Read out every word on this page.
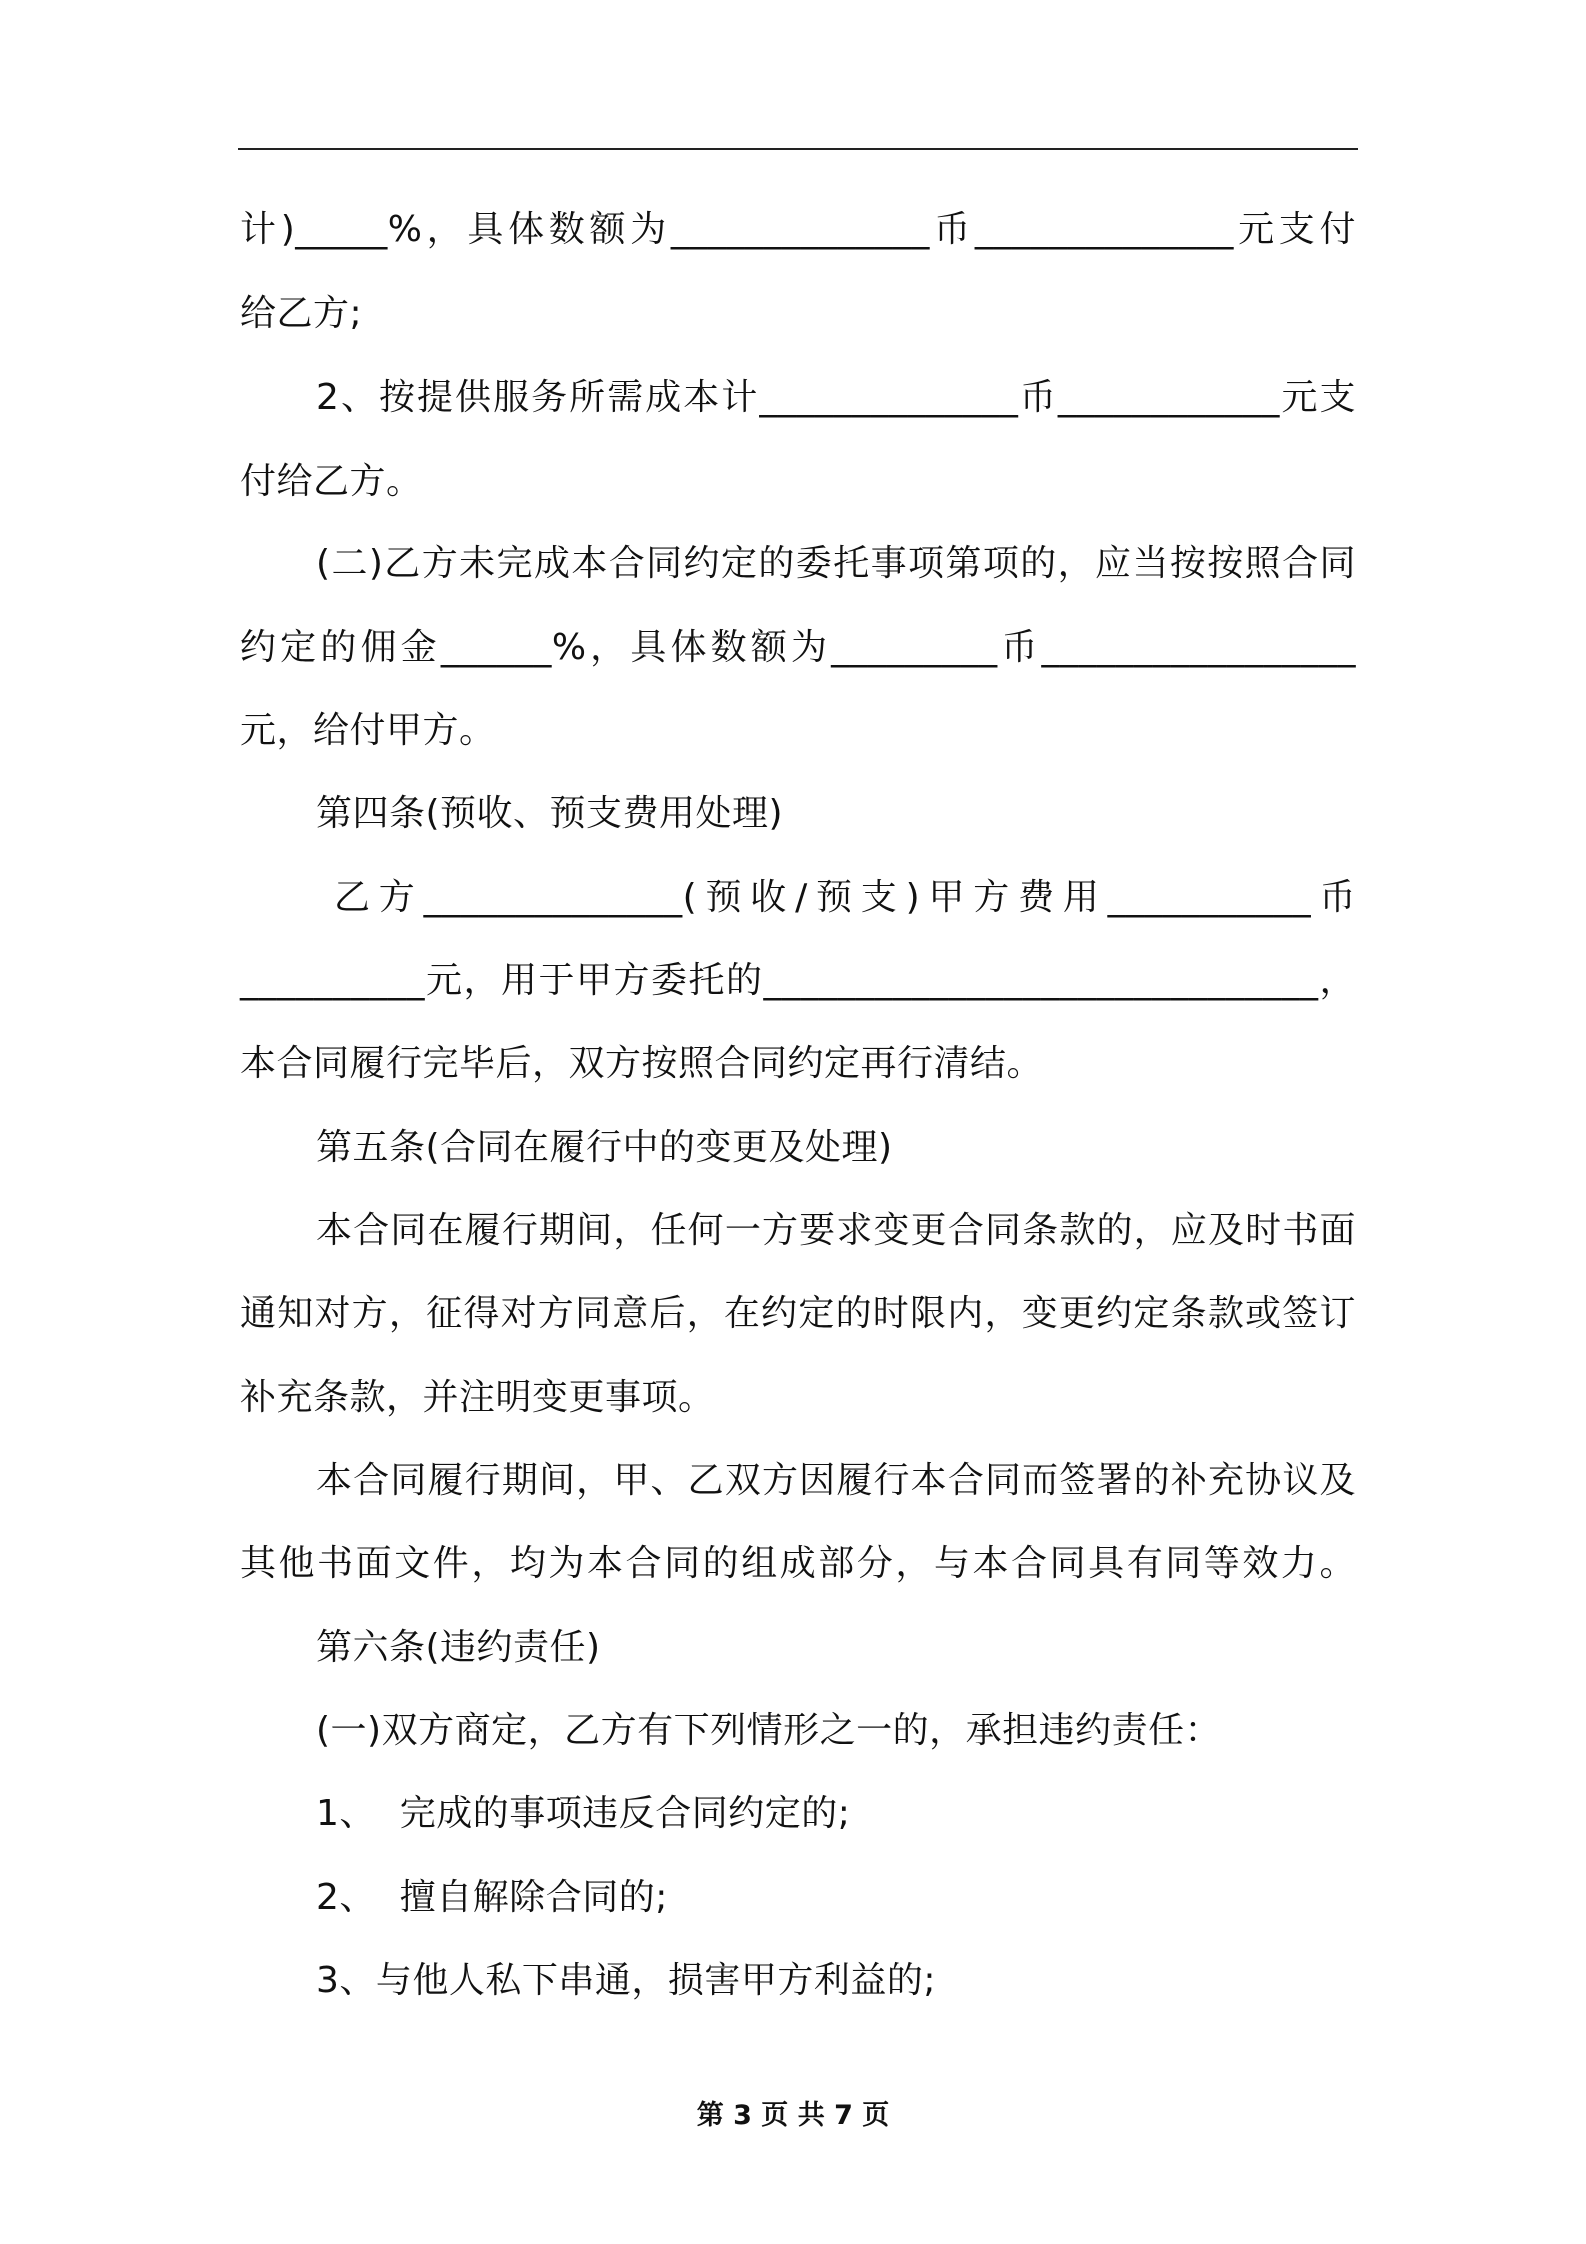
计)_____%，具体数额为______________币______________元支付
给乙方;
2、按提供服务所需成本计______________币____________元支
付给乙方。
(二)乙方未完成本合同约定的委托事项第项的，应当按按照合同
约定的佣金______%，具体数额为_________币_________________
元，给付甲方。
第四条(预收、预支费用处理)
乙方______________(预收/预支)甲方费用___________币
__________元，用于甲方委托的______________________________，
本合同履行完毕后，双方按照合同约定再行清结。
第五条(合同在履行中的变更及处理)
本合同在履行期间，任何一方要求变更合同条款的，应及时书面
通知对方，征得对方同意后，在约定的时限内，变更约定条款或签订
补充条款，并注明变更事项。
本合同履行期间，甲、乙双方因履行本合同而签署的补充协议及
其他书面文件，均为本合同的组成部分，与本合同具有同等效力。
第六条(违约责任)
(一)双方商定，乙方有下列情形之一的，承担违约责任：
1、  完成的事项违反合同约定的;
2、  擅自解除合同的;
3、与他人私下串通，损害甲方利益的;
第 3 页 共 7 页
